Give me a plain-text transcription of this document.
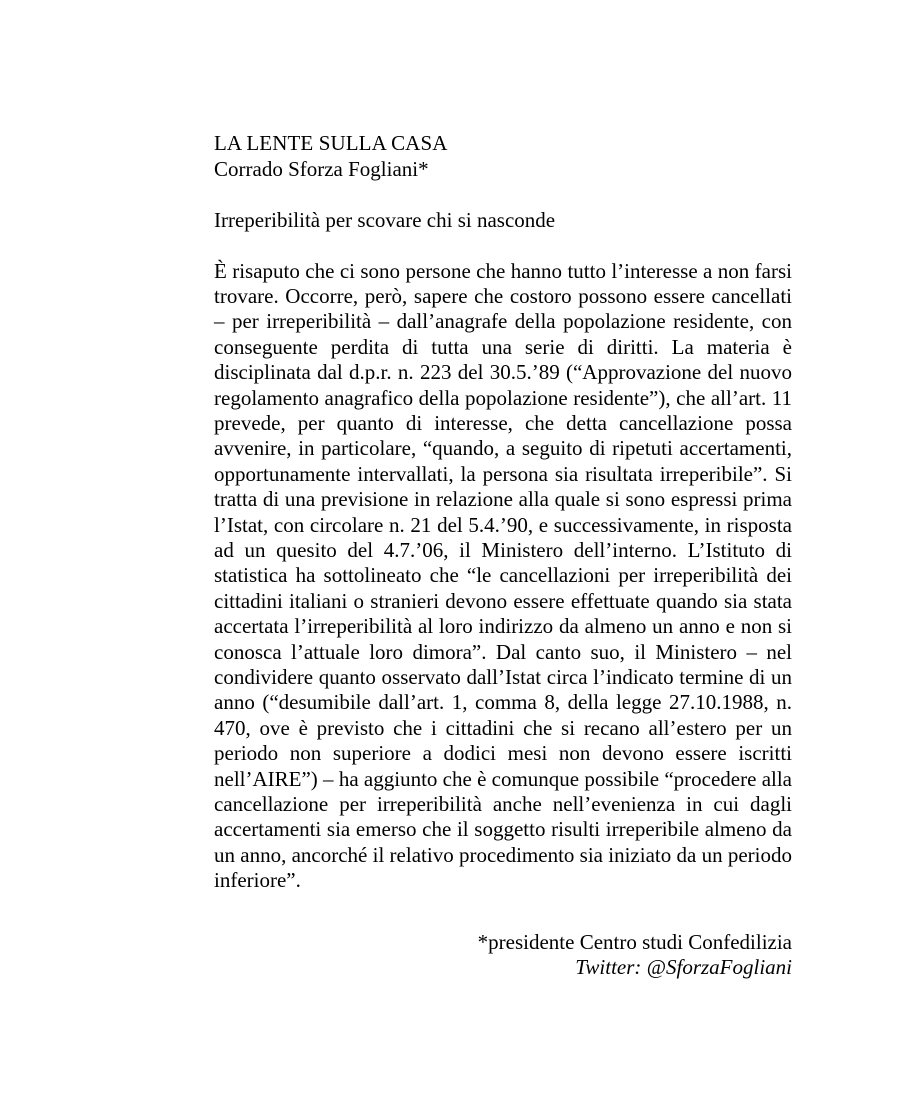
LA LENTE SULLA CASA
Corrado Sforza Fogliani*
Irreperibilità per scovare chi si nasconde

È risaputo che ci sono persone che hanno tutto l’interesse a non farsi trovare. Occorre, però, sapere che costoro possono essere cancellati – per irreperibilità – dall’anagrafe della popolazione residente, con conseguente perdita di tutta una serie di diritti. La materia è disciplinata dal d.p.r. n. 223 del 30.5.’89 (“Approvazione del nuovo regolamento anagrafico della popolazione residente”), che all’art. 11 prevede, per quanto di interesse, che detta cancellazione possa avvenire, in particolare, “quando, a seguito di ripetuti accertamenti, opportunamente intervallati, la persona sia risultata irreperibile”. Si tratta di una previsione in relazione alla quale si sono espressi prima l’Istat, con circolare n. 21 del 5.4.’90, e successivamente, in risposta ad un quesito del 4.7.’06, il Ministero dell’interno. L’Istituto di statistica ha sottolineato che “le cancellazioni per irreperibilità dei cittadini italiani o stranieri devono essere effettuate quando sia stata accertata l’irreperibilità al loro indirizzo da almeno un anno e non si conosca l’attuale loro dimora”. Dal canto suo, il Ministero – nel condividere quanto osservato dall’Istat circa l’indicato termine di un anno (“desumibile dall’art. 1, comma 8, della legge 27.10.1988, n. 470, ove è previsto che i cittadini che si recano all’estero per un periodo non superiore a dodici mesi non devono essere iscritti nell’AIRE”) – ha aggiunto che è comunque possibile “procedere alla cancellazione per irreperibilità anche nell’evenienza in cui dagli accertamenti sia emerso che il soggetto risulti irreperibile almeno da un anno, ancorché il relativo procedimento sia iniziato da un periodo inferiore”.

*presidente Centro studi Confedilizia
Twitter: @SforzaFogliani
